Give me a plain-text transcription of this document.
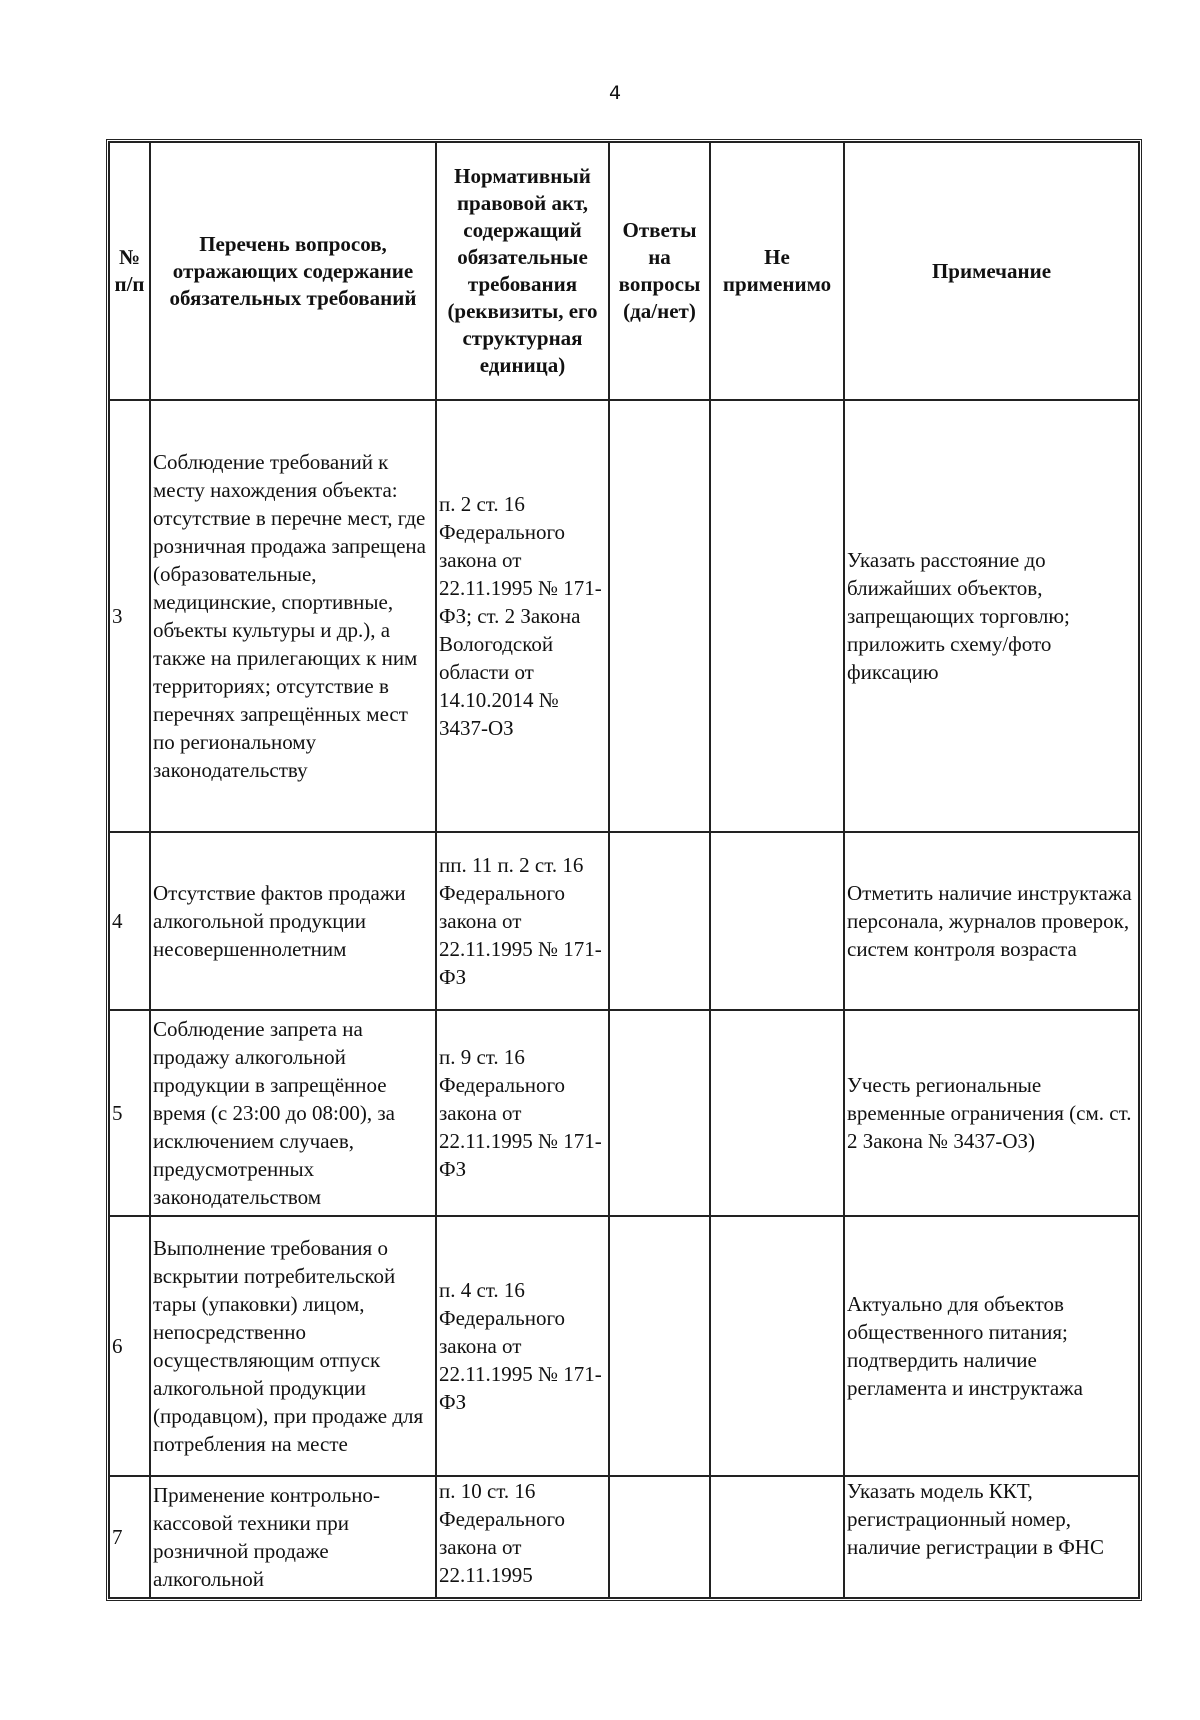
4
№ п/п	Перечень вопросов, отражающих содержание обязательных требований	Нормативный правовой акт, содержащий обязательные требования (реквизиты, его структурная единица)	Ответы на вопросы (да/нет)	Не применимо	Примечание
3	Соблюдение требований к месту нахождения объекта: отсутствие в перечне мест, где розничная продажа запрещена (образовательные, медицинские, спортивные, объекты культуры и др.), а также на прилегающих к ним территориях; отсутствие в перечнях запрещённых мест по региональному законодательству	п. 2 ст. 16 Федерального закона от 22.11.1995 № 171-ФЗ; ст. 2 Закона Вологодской области от 14.10.2014 № 3437-ОЗ			Указать расстояние до ближайших объектов, запрещающих торговлю; приложить схему/фото фиксацию
4	Отсутствие фактов продажи алкогольной продукции несовершеннолетним	пп. 11 п. 2 ст. 16 Федерального закона от 22.11.1995 № 171-ФЗ			Отметить наличие инструктажа персонала, журналов проверок, систем контроля возраста
5	Соблюдение запрета на продажу алкогольной продукции в запрещённое время (с 23:00 до 08:00), за исключением случаев, предусмотренных законодательством	п. 9 ст. 16 Федерального закона от 22.11.1995 № 171-ФЗ			Учесть региональные временные ограничения (см. ст. 2 Закона № 3437-ОЗ)
6	Выполнение требования о вскрытии потребительской тары (упаковки) лицом, непосредственно осуществляющим отпуск алкогольной продукции (продавцом), при продаже для потребления на месте	п. 4 ст. 16 Федерального закона от 22.11.1995 № 171-ФЗ			Актуально для объектов общественного питания; подтвердить наличие регламента и инструктажа
7	Применение контрольно-кассовой техники при розничной продаже алкогольной	п. 10 ст. 16 Федерального закона от 22.11.1995			Указать модель ККТ, регистрационный номер, наличие регистрации в ФНС
